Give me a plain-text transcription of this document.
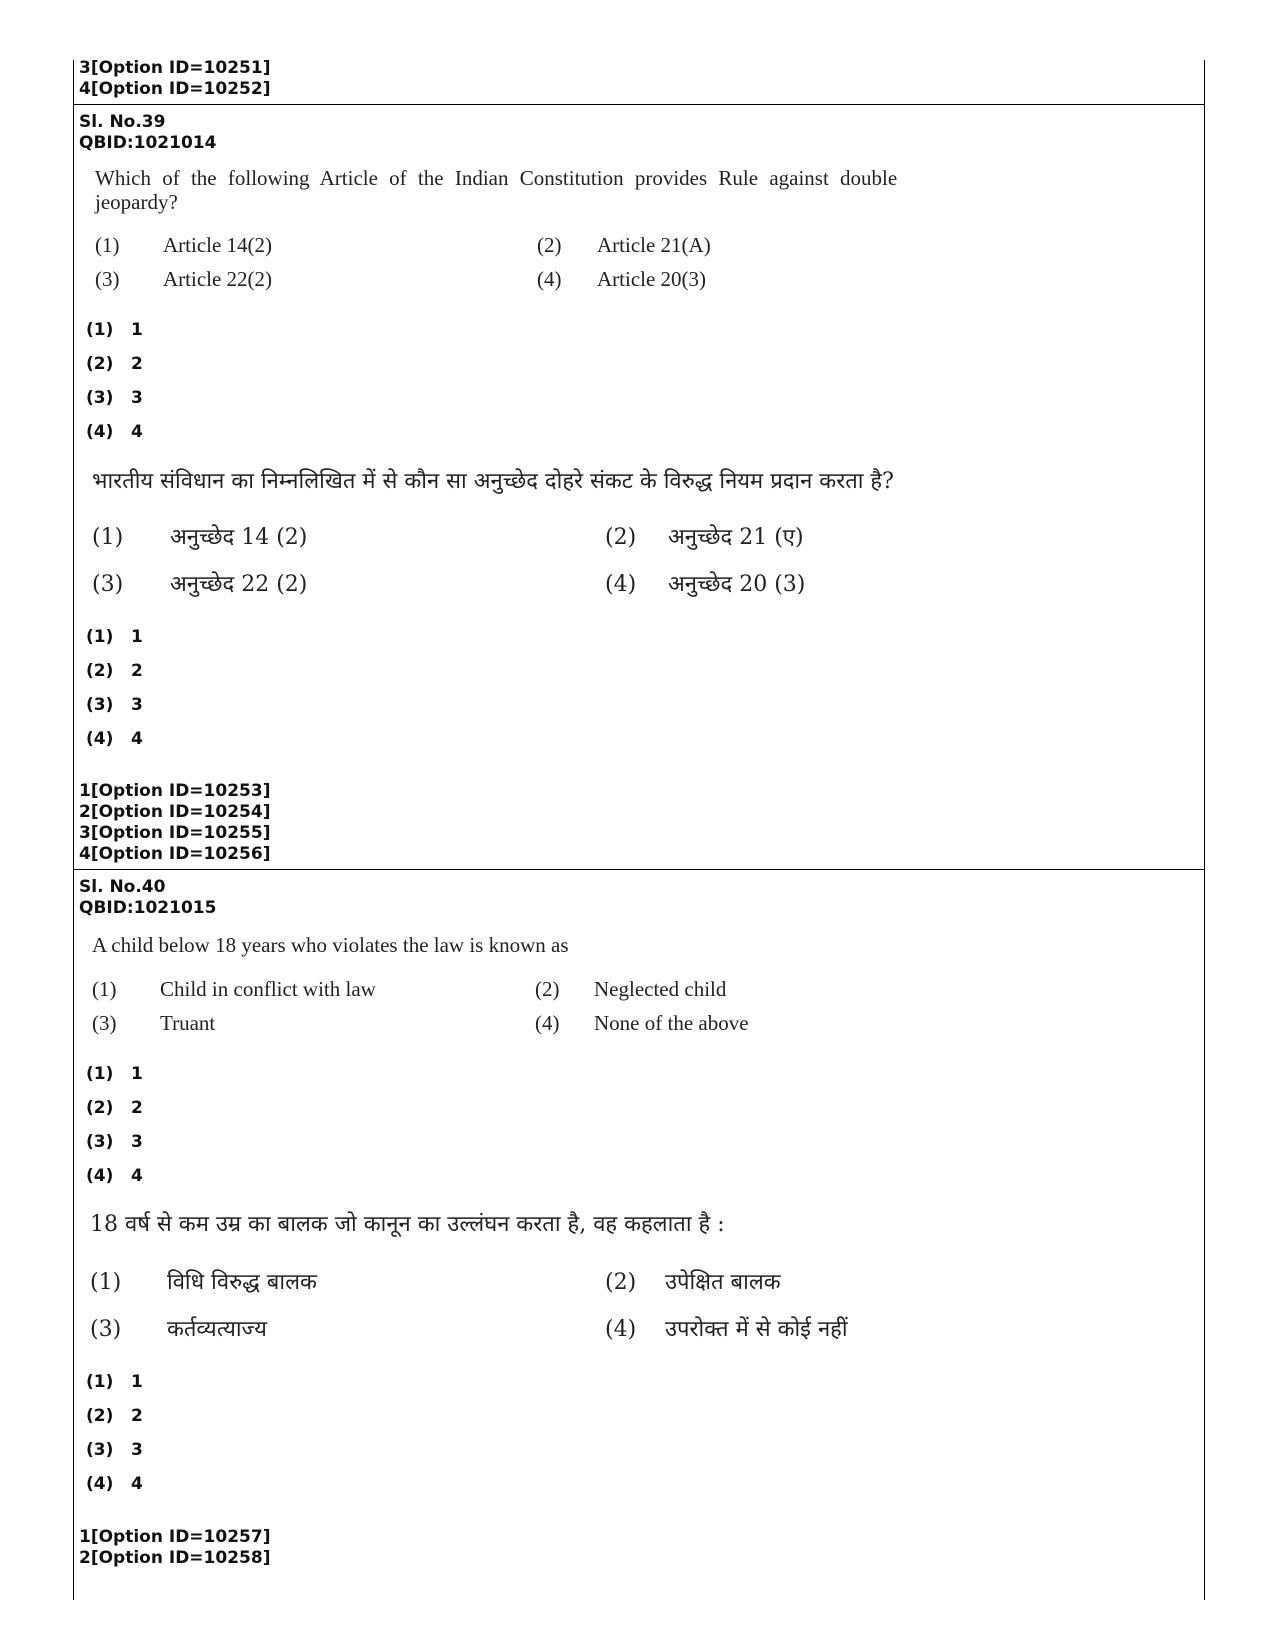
3[Option ID=10251]
4[Option ID=10252]
Sl. No.39
QBID:1021014
Which of the following Article of the Indian Constitution provides Rule against double
jeopardy?
(1) Article 14(2)	(2) Article 21(A)
(3) Article 22(2)	(4) Article 20(3)
(1) 1
(2) 2
(3) 3
(4) 4
भारतीय संविधान का निम्नलिखित में से कौन सा अनुच्छेद दोहरे संकट के विरुद्ध नियम प्रदान करता है?
(1) अनुच्छेद 14 (2)	(2) अनुच्छेद 21 (ए)
(3) अनुच्छेद 22 (2)	(4) अनुच्छेद 20 (3)
(1) 1
(2) 2
(3) 3
(4) 4
1[Option ID=10253]
2[Option ID=10254]
3[Option ID=10255]
4[Option ID=10256]
Sl. No.40
QBID:1021015
A child below 18 years who violates the law is known as
(1) Child in conflict with law	(2) Neglected child
(3) Truant	(4) None of the above
(1) 1
(2) 2
(3) 3
(4) 4
18 वर्ष से कम उम्र का बालक जो कानून का उल्लंघन करता है, वह कहलाता है :
(1) विधि विरुद्ध बालक	(2) उपेक्षित बालक
(3) कर्तव्यत्याज्य	(4) उपरोक्त में से कोई नहीं
(1) 1
(2) 2
(3) 3
(4) 4
1[Option ID=10257]
2[Option ID=10258]
